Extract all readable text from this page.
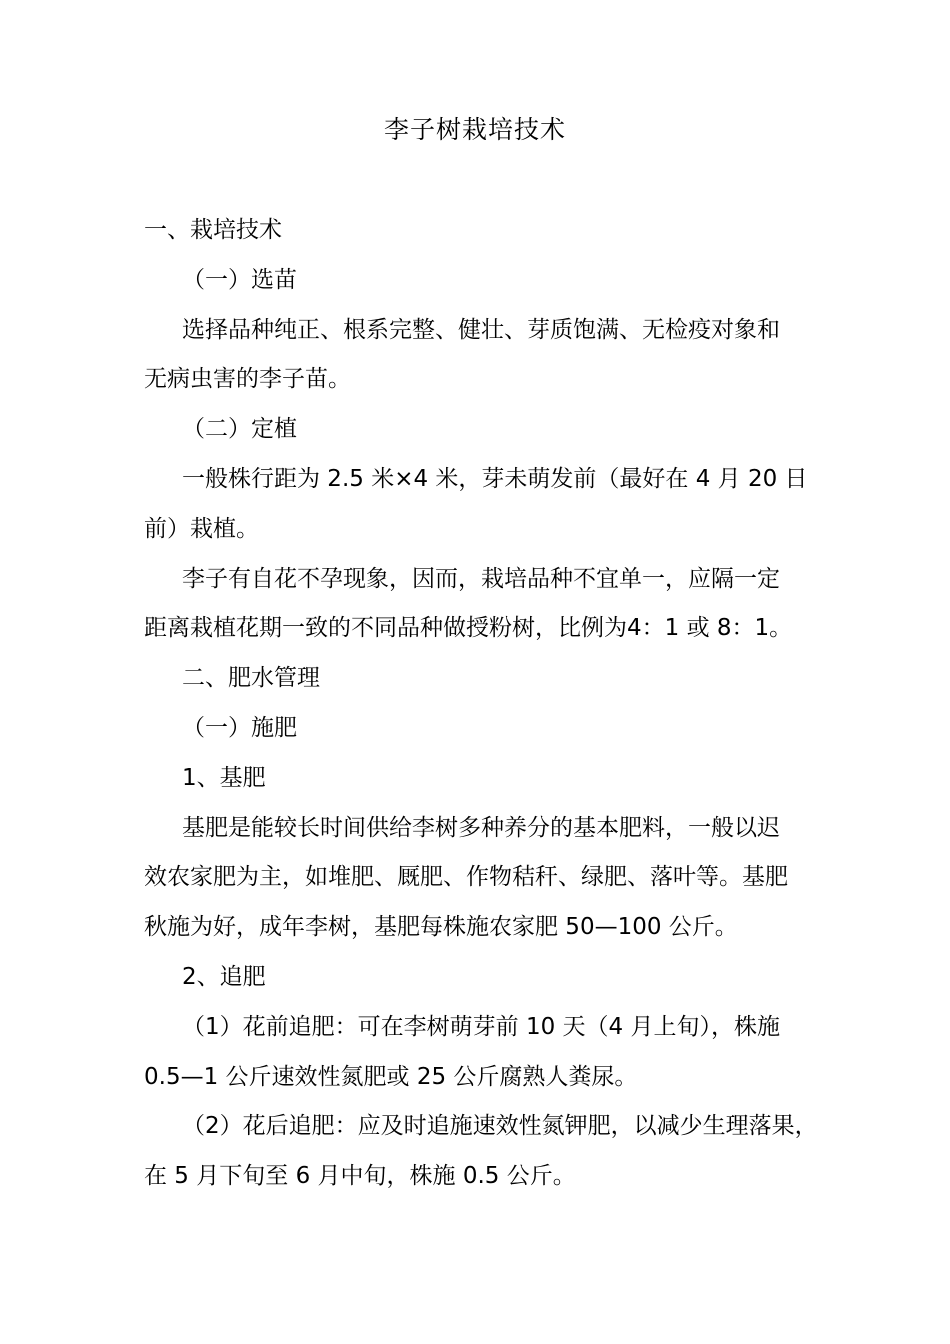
李子树栽培技术

一、栽培技术

（一）选苗

选择品种纯正、根系完整、健壮、芽质饱满、无检疫对象和

无病虫害的李子苗。

（二）定植

一般株行距为 2.5 米×4 米，芽未萌发前（最好在 4 月 20 日

前）栽植。

李子有自花不孕现象，因而，栽培品种不宜单一，应隔一定

距离栽植花期一致的不同品种做授粉树，比例为4：1 或 8：1。

二、肥水管理

（一）施肥

1、基肥

基肥是能较长时间供给李树多种养分的基本肥料，一般以迟

效农家肥为主，如堆肥、厩肥、作物秸秆、绿肥、落叶等。基肥

秋施为好，成年李树，基肥每株施农家肥 50—100 公斤。

2、追肥

（1）花前追肥：可在李树萌芽前 10 天（4 月上旬），株施

0.5—1 公斤速效性氮肥或 25 公斤腐熟人粪尿。

（2）花后追肥：应及时追施速效性氮钾肥，以减少生理落果，

在 5 月下旬至 6 月中旬，株施 0.5 公斤。
